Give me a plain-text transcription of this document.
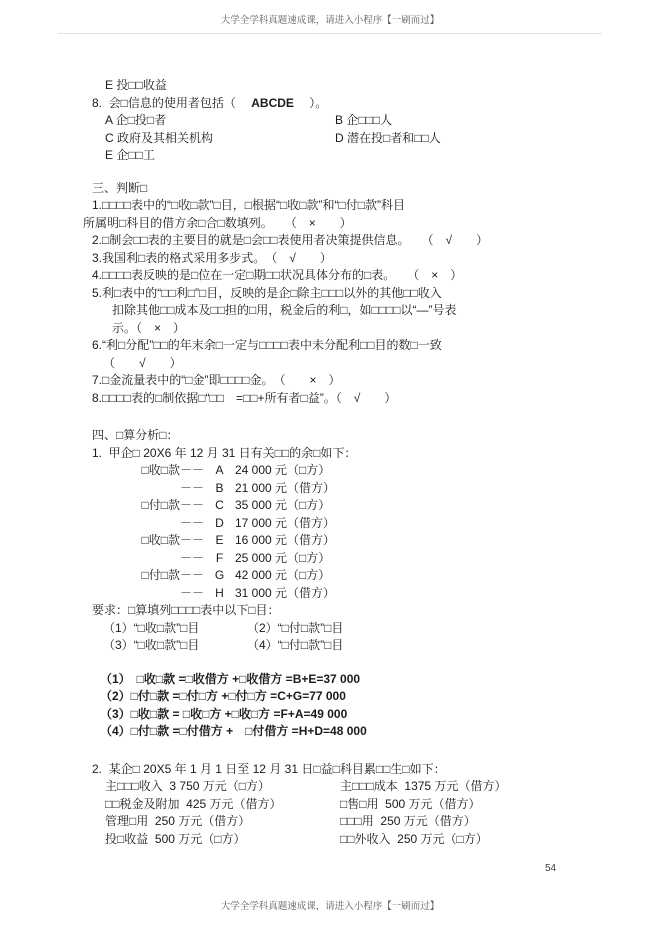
大学全学科真题速成课，请进入小程序【一刷而过】
E 投□□收益
8.  会□信息的使用者包括（　 ABCDE 　）。
A 企□投□者	B 企□□□人
C 政府及其相关机构	D 潜在投□者和□□人
E 企□□工
三、判断□
1.□□□□表中的“□收□款”□目，□根据“□收□款”和“□付□款”科目
所属明□科目的借方余□合□数填列。　　（　×　　）
2.□制会□□表的主要目的就是□会□□表使用者决策提供信息。　　（　√　　）
3.我国利□表的格式采用多步式。　（　√　　）
4.□□□□表反映的是□位在一定□期□□状况具体分布的□表。　　（　×　）
5.利□表中的“□□利□”□目，反映的是企□除主□□□以外的其他□□收入
扣除其他□□成本及□□担的□用，税金后的利□，如□□□□以“—”号表
示。（　×　）
6.“利□分配”□□的年末余□一定与□□□□表中未分配利□□目的数□一致
（　　√　　）
7.□金流量表中的“□金”即□□□□金。　（　　×　）
8.□□□□表的□制依据□“□□　=□□+所有者□益”。（　√　　）
四、□算分析□：
1.  甲企□ 20X6 年 12 月 31 日有关□□的余□如下：
□收□款－－ A 24 000 元（□方）
－－ B 21 000 元（借方）
□付□款－－ C 35 000 元（□方）
－－ D 17 000 元（借方）
□收□款－－ E 16 000 元（借方）
－－ F 25 000 元（□方）
□付□款－－ G 42 000 元（□方）
－－ H 31 000 元（借方）
要求：□算填列□□□□表中以下□目：
（1）“□收□款”□目	（2）“□付□款”□目
（3）“□收□款”□目	（4）“□付□款”□目
（1）　□收□款 =□收借方 +□收借方 =B+E=37 000
（2）□付□款 =□付□方 +□付□方 =C+G=77 000
（3）□收□款 = □收□方 +□收□方 =F+A=49 000
（4）□付□款 =□付借方 +　□付借方 =H+D=48 000
2.  某企□ 20X5 年 1 月 1 日至 12 月 31 日□益□科目累□□生□如下：
主□□□收入  3 750 万元（□方）	主□□□成本  1375 万元（借方）
□□税金及附加  425 万元（借方）	□售□用  500 万元（借方）
管理□用  250 万元（借方）	□□□用  250 万元（借方）
投□收益  500 万元（□方）	□□外收入  250 万元（□方）
54
大学全学科真题速成课，请进入小程序【一刷而过】
